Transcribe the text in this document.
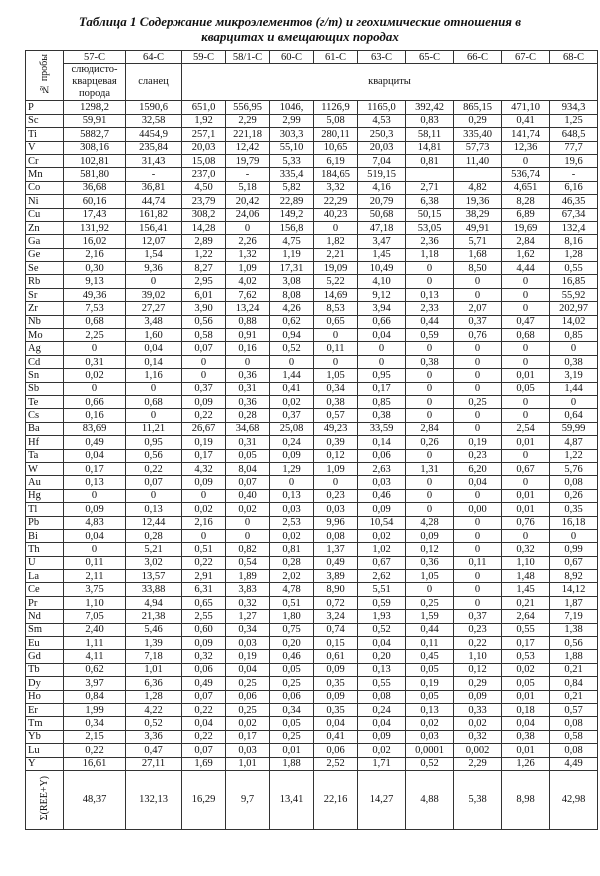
Таблица 1 Содержание микроэлементов (г/т) и геохимические отношения в
кварцитах и вмещающих породах
№ пробы	57-С	64-С	59-С	58/1-С	60-С	61-С	63-С	65-С	66-С	67-С	68-С
	слюдисто-кварцевая порода	сланец	кварциты								
P	1298,2	1590,6	651,0	556,95	1046,	1126,9	1165,0	392,42	865,15	471,10	934,3
Sc	59,91	32,58	1,92	2,29	2,99	5,08	4,53	0,83	0,29	0,41	1,25
Ti	5882,7	4454,9	257,1	221,18	303,3	280,11	250,3	58,11	335,40	141,74	648,5
V	308,16	235,84	20,03	12,42	55,10	10,65	20,03	14,81	57,73	12,36	77,7
Cr	102,81	31,43	15,08	19,79	5,33	6,19	7,04	0,81	11,40	0	19,6
Mn	581,80	-	237,0	-	335,4	184,65	519,15			536,74	-
Co	36,68	36,81	4,50	5,18	5,82	3,32	4,16	2,71	4,82	4,651	6,16
Ni	60,16	44,74	23,79	20,42	22,89	22,29	20,79	6,38	19,36	8,28	46,35
Cu	17,43	161,82	308,2	24,06	149,2	40,23	50,68	50,15	38,29	6,89	67,34
Zn	131,92	156,41	14,28	0	156,8	0	47,18	53,05	49,91	19,69	132,4
Ga	16,02	12,07	2,89	2,26	4,75	1,82	3,47	2,36	5,71	2,84	8,16
Ge	2,16	1,54	1,22	1,32	1,19	2,21	1,45	1,18	1,68	1,62	1,28
Se	0,30	9,36	8,27	1,09	17,31	19,09	10,49	0	8,50	4,44	0,55
Rb	9,13	0	2,95	4,02	3,08	5,22	4,10	0	0	0	16,85
Sr	49,36	39,02	6,01	7,62	8,08	14,69	9,12	0,13	0	0	55,92
Zr	7,53	27,27	3,90	13,24	4,26	8,53	3,94	2,33	2,07	0	202,97
Nb	0,68	3,48	0,56	0,88	0,62	0,65	0,66	0,44	0,37	0,47	14,02
Mo	2,25	1,60	0,58	0,91	0,94	0	0,04	0,59	0,76	0,68	0,85
Ag	0	0,04	0,07	0,16	0,52	0,11	0	0	0	0	0
Cd	0,31	0,14	0	0	0	0	0	0,38	0	0	0,38
Sn	0,02	1,16	0	0,36	1,44	1,05	0,95	0	0	0,01	3,19
Sb	0	0	0,37	0,31	0,41	0,34	0,17	0	0	0,05	1,44
Te	0,66	0,68	0,09	0,36	0,02	0,38	0,85	0	0,25	0	0
Cs	0,16	0	0,22	0,28	0,37	0,57	0,38	0	0	0	0,64
Ba	83,69	11,21	26,67	34,68	25,08	49,23	33,59	2,84	0	2,54	59,99
Hf	0,49	0,95	0,19	0,31	0,24	0,39	0,14	0,26	0,19	0,01	4,87
Ta	0,04	0,56	0,17	0,05	0,09	0,12	0,06	0	0,23	0	1,22
W	0,17	0,22	4,32	8,04	1,29	1,09	2,63	1,31	6,20	0,67	5,76
Au	0,13	0,07	0,09	0,07	0	0	0,03	0	0,04	0	0,08
Hg	0	0	0	0,40	0,13	0,23	0,46	0	0	0,01	0,26
Tl	0,09	0,13	0,02	0,02	0,03	0,03	0,09	0	0,00	0,01	0,35
Pb	4,83	12,44	2,16	0	2,53	9,96	10,54	4,28	0	0,76	16,18
Bi	0,04	0,28	0	0	0,02	0,08	0,02	0,09	0	0	0
Th	0	5,21	0,51	0,82	0,81	1,37	1,02	0,12	0	0,32	0,99
U	0,11	3,02	0,22	0,54	0,28	0,49	0,67	0,36	0,11	1,10	0,67
La	2,11	13,57	2,91	1,89	2,02	3,89	2,62	1,05	0	1,48	8,92
Ce	3,75	33,88	6,31	3,83	4,78	8,90	5,51	0	0	1,45	14,12
Pr	1,10	4,94	0,65	0,32	0,51	0,72	0,59	0,25	0	0,21	1,87
Nd	7,05	21,38	2,55	1,27	1,80	3,24	1,93	1,59	0,37	2,64	7,19
Sm	2,40	5,46	0,60	0,34	0,75	0,74	0,52	0,44	0,23	0,55	1,38
Eu	1,11	1,39	0,09	0,03	0,20	0,15	0,04	0,11	0,22	0,17	0,56
Gd	4,11	7,18	0,32	0,19	0,46	0,61	0,20	0,45	1,10	0,53	1,88
Tb	0,62	1,01	0,06	0,04	0,05	0,09	0,13	0,05	0,12	0,02	0,21
Dy	3,97	6,36	0,49	0,25	0,25	0,35	0,55	0,19	0,29	0,05	0,84
Ho	0,84	1,28	0,07	0,06	0,06	0,09	0,08	0,05	0,09	0,01	0,21
Er	1,99	4,22	0,22	0,25	0,34	0,35	0,24	0,13	0,33	0,18	0,57
Tm	0,34	0,52	0,04	0,02	0,05	0,04	0,04	0,02	0,02	0,04	0,08
Yb	2,15	3,36	0,22	0,17	0,25	0,41	0,09	0,03	0,32	0,38	0,58
Lu	0,22	0,47	0,07	0,03	0,01	0,06	0,02	0,0001	0,002	0,01	0,08
Y	16,61	27,11	1,69	1,01	1,88	2,52	1,71	0,52	2,29	1,26	4,49
Σ(REE+Y)	48,37	132,13	16,29	9,7	13,41	22,16	14,27	4,88	5,38	8,98	42,98
